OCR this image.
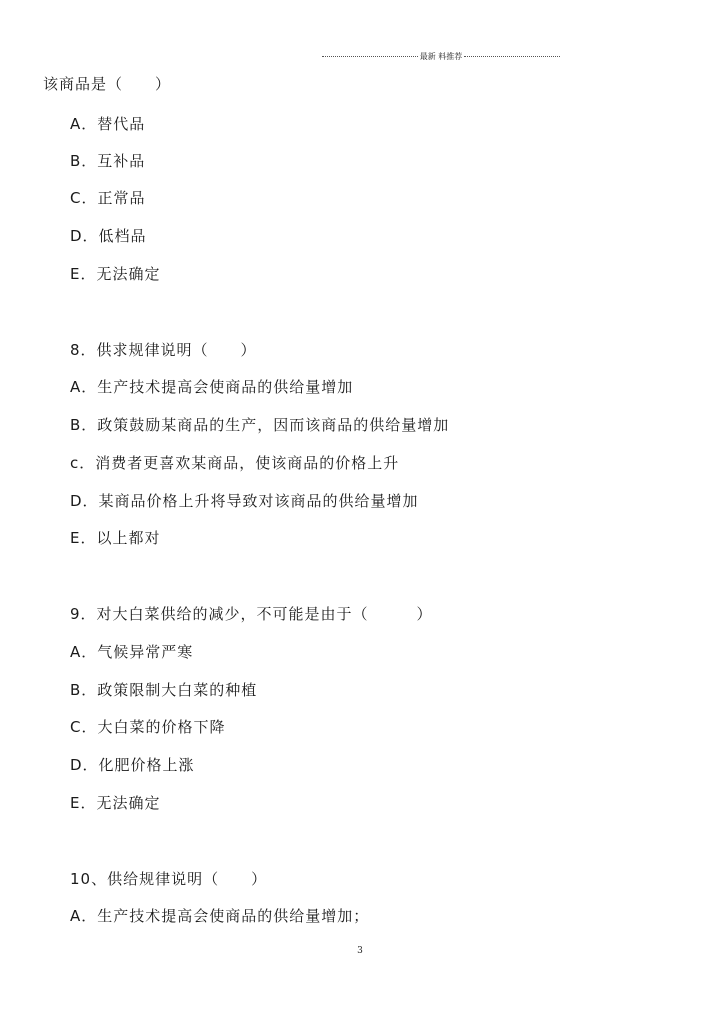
最新 料推荐
该商品是（　　）
A．替代品
B．互补品
C．正常品
D．低档品
E．无法确定
8．供求规律说明（　　）
A．生产技术提高会使商品的供给量增加
B．政策鼓励某商品的生产，因而该商品的供给量增加
c．消费者更喜欢某商品，使该商品的价格上升
D．某商品价格上升将导致对该商品的供给量增加
E．以上都对
9．对大白菜供给的减少，不可能是由于（　　　）
A．气候异常严寒
B．政策限制大白菜的种植
C．大白菜的价格下降
D．化肥价格上涨
E．无法确定
10、供给规律说明（　　）
A．生产技术提高会使商品的供给量增加；
3
